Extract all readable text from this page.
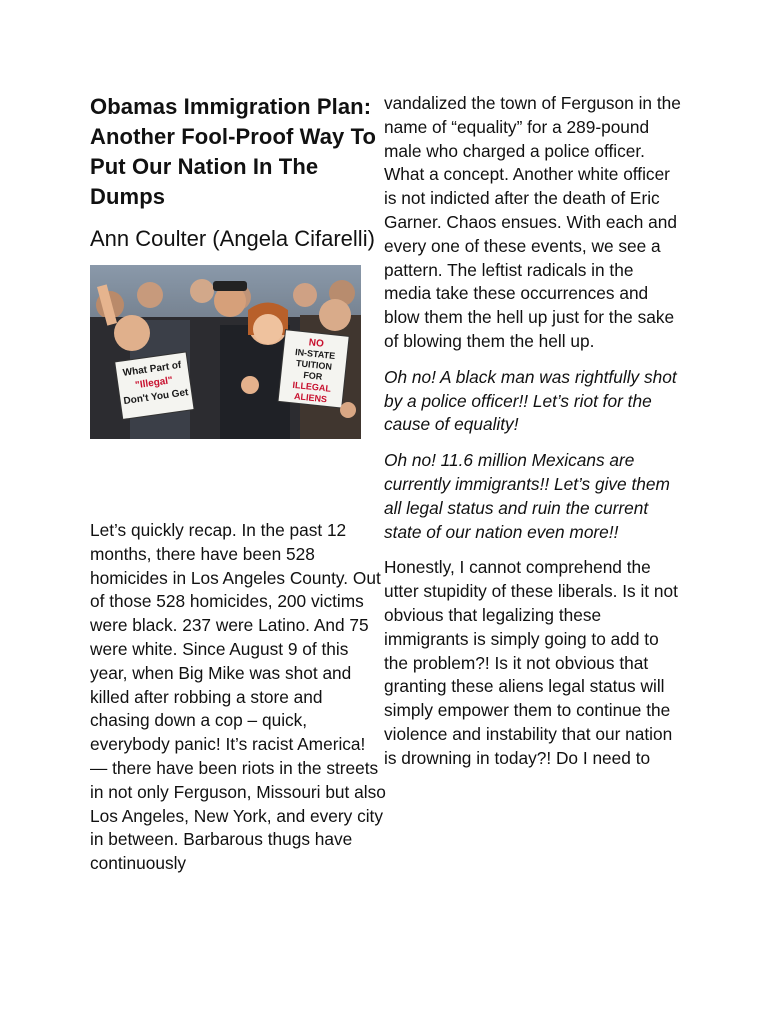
Obamas Immigration Plan: Another Fool-Proof Way To Put Our Nation In The Dumps
Ann Coulter (Angela Cifarelli)
What Part of
"Illegal"
Don't You Get
NO
IN-STATE
TUITION
FOR
ILLEGAL
ALIENS

Let’s quickly recap. In the past 12 months, there have been 528 homicides in Los Angeles County. Out of those 528 homicides, 200 victims were black. 237 were Latino. And 75 were white. Since August 9 of this year, when Big Mike was shot and killed after robbing a store and chasing down a cop – quick, everybody panic! It’s racist America! — there have been riots in the streets in not only Ferguson, Missouri but also Los Angeles, New York, and every city in between. Barbarous thugs have continuously

vandalized the town of Ferguson in the name of “equality” for a 289-pound male who charged a police officer. What a concept. Another white officer is not indicted after the death of Eric Garner. Chaos ensues. With each and every one of these events, we see a pattern. The leftist radicals in the media take these occurrences and blow them the hell up just for the sake of blowing them the hell up.

Oh no! A black man was rightfully shot by a police officer!! Let’s riot for the cause of equality!

Oh no! 11.6 million Mexicans are currently immigrants!! Let’s give them all legal status and ruin the current state of our nation even more!!

Honestly, I cannot comprehend the utter stupidity of these liberals. Is it not obvious that legalizing these immigrants is simply going to add to the problem?! Is it not obvious that granting these aliens legal status will simply empower them to continue the violence and instability that our nation is drowning in today?! Do I need to
